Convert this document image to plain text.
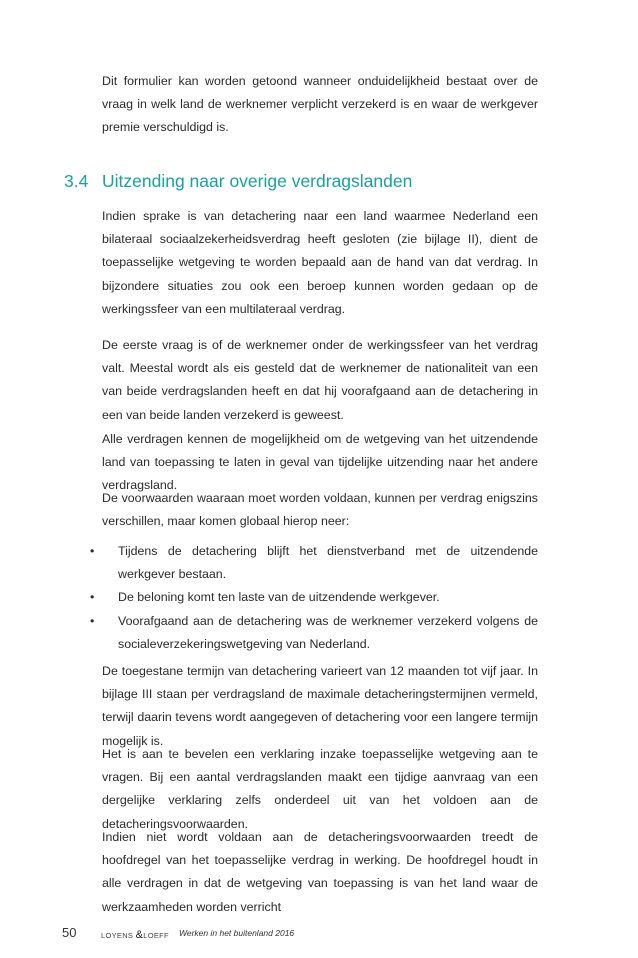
Dit formulier kan worden getoond wanneer onduidelijkheid bestaat over de vraag in welk land de werknemer verplicht verzekerd is en waar de werkgever premie verschuldigd is.

3.4 Uitzending naar overige verdragslanden

Indien sprake is van detachering naar een land waarmee Nederland een bilateraal sociaalzekerheidsverdrag heeft gesloten (zie bijlage II), dient de toepasselijke wetgeving te worden bepaald aan de hand van dat verdrag. In bijzondere situaties zou ook een beroep kunnen worden gedaan op de werkingssfeer van een multilateraal verdrag.

De eerste vraag is of de werknemer onder de werkingssfeer van het verdrag valt. Meestal wordt als eis gesteld dat de werknemer de nationaliteit van een van beide verdragslanden heeft en dat hij voorafgaand aan de detachering in een van beide landen verzekerd is geweest.

Alle verdragen kennen de mogelijkheid om de wetgeving van het uitzendende land van toepassing te laten in geval van tijdelijke uitzending naar het andere verdragsland.

De voorwaarden waaraan moet worden voldaan, kunnen per verdrag enigszins verschillen, maar komen globaal hierop neer:

• Tijdens de detachering blijft het dienstverband met de uitzendende werkgever bestaan.
• De beloning komt ten laste van de uitzendende werkgever.
• Voorafgaand aan de detachering was de werknemer verzekerd volgens de socialeverzekeringswetgeving van Nederland.

De toegestane termijn van detachering varieert van 12 maanden tot vijf jaar. In bijlage III staan per verdragsland de maximale detacheringstermijnen vermeld, terwijl daarin tevens wordt aangegeven of detachering voor een langere termijn mogelijk is.

Het is aan te bevelen een verklaring inzake toepasselijke wetgeving aan te vragen. Bij een aantal verdragslanden maakt een tijdige aanvraag van een dergelijke verklaring zelfs onderdeel uit van het voldoen aan de detacheringsvoorwaarden.

Indien niet wordt voldaan aan de detacheringsvoorwaarden treedt de hoofdregel van het toepasselijke verdrag in werking. De hoofdregel houdt in alle verdragen in dat de wetgeving van toepassing is van het land waar de werkzaamheden worden verricht

50	LOYENS &LOEFF Werken in het buitenland 2016
